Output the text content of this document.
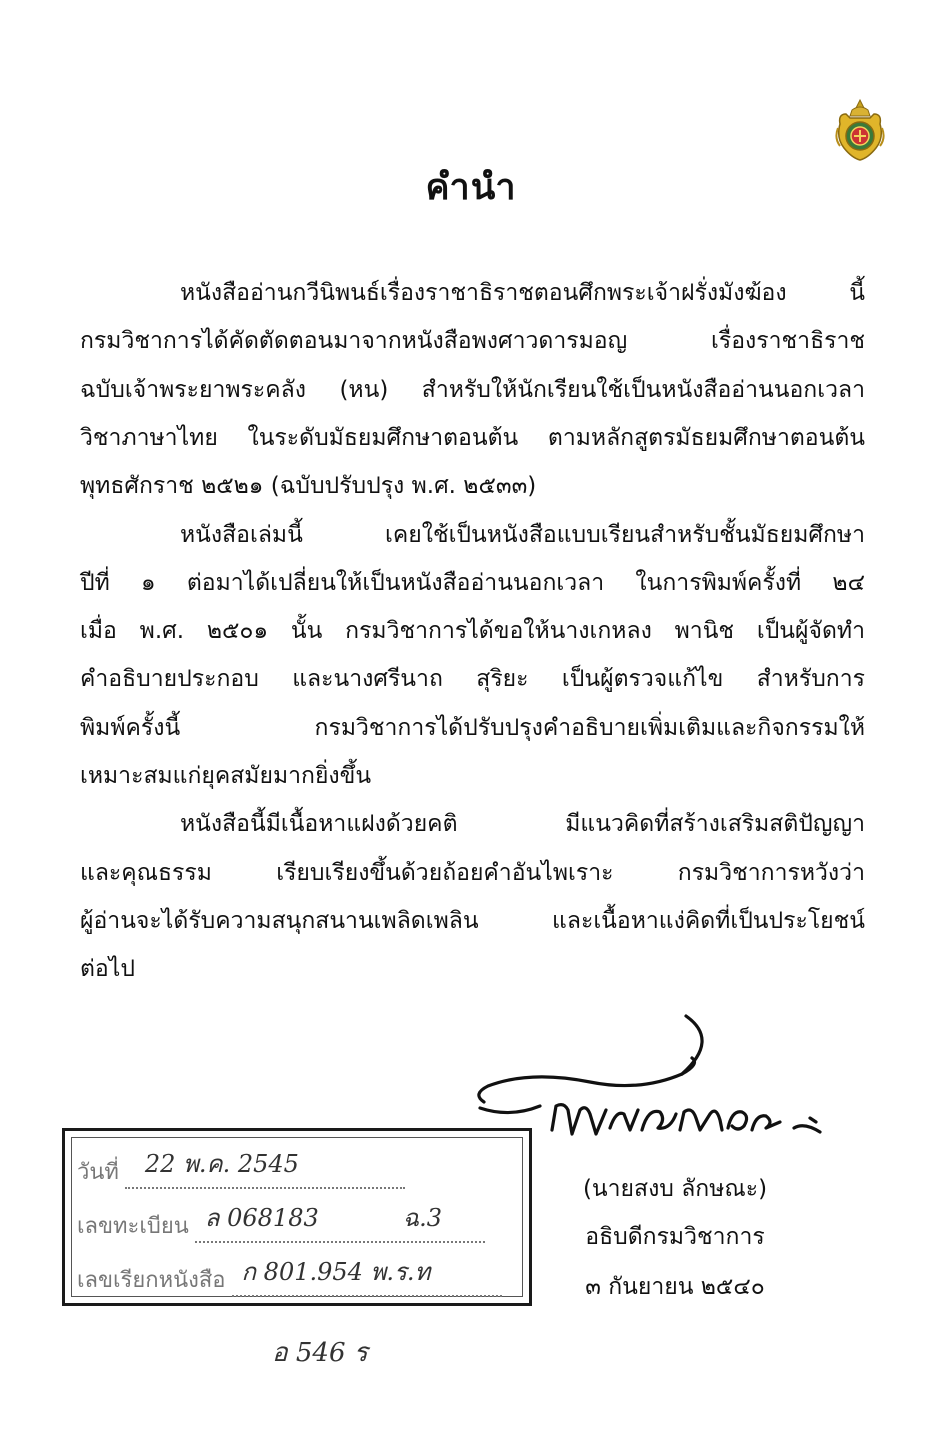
คำนำ
หนังสืออ่านกวีนิพนธ์เรื่องราชาธิราชตอนศึกพระเจ้าฝรั่งมังฆ้อง นี้
กรมวิชาการได้คัดตัดตอนมาจากหนังสือพงศาวดารมอญ เรื่องราชาธิราช
ฉบับเจ้าพระยาพระคลัง (หน) สำหรับให้นักเรียนใช้เป็นหนังสืออ่านนอกเวลา
วิชาภาษาไทย ในระดับมัธยมศึกษาตอนต้น ตามหลักสูตรมัธยมศึกษาตอนต้น
พุทธศักราช ๒๕๒๑ (ฉบับปรับปรุง พ.ศ. ๒๕๓๓)
หนังสือเล่มนี้ เคยใช้เป็นหนังสือแบบเรียนสำหรับชั้นมัธยมศึกษา
ปีที่ ๑ ต่อมาได้เปลี่ยนให้เป็นหนังสืออ่านนอกเวลา ในการพิมพ์ครั้งที่ ๒๔
เมื่อ พ.ศ. ๒๕๐๑ นั้น กรมวิชาการได้ขอให้นางเกหลง พานิช เป็นผู้จัดทำ
คำอธิบายประกอบ และนางศรีนาถ สุริยะ เป็นผู้ตรวจแก้ไข สำหรับการ
พิมพ์ครั้งนี้ กรมวิชาการได้ปรับปรุงคำอธิบายเพิ่มเติมและกิจกรรมให้
เหมาะสมแก่ยุคสมัยมากยิ่งขึ้น
หนังสือนี้มีเนื้อหาแฝงด้วยคติ มีแนวคิดที่สร้างเสริมสติปัญญา
และคุณธรรม เรียบเรียงขึ้นด้วยถ้อยคำอันไพเราะ กรมวิชาการหวังว่า
ผู้อ่านจะได้รับความสนุกสนานเพลิดเพลิน และเนื้อหาแง่คิดที่เป็นประโยชน์
ต่อไป
(นายสงบ ลักษณะ)
อธิบดีกรมวิชาการ
๓ กันยายน ๒๕๔๐
วันที่ 22 พ.ค. 2545
เลขทะเบียน ล 068183	ฉ.3
เลขเรียกหนังสือ ก 801.954 พ.ร.ท
อ 546 ร
